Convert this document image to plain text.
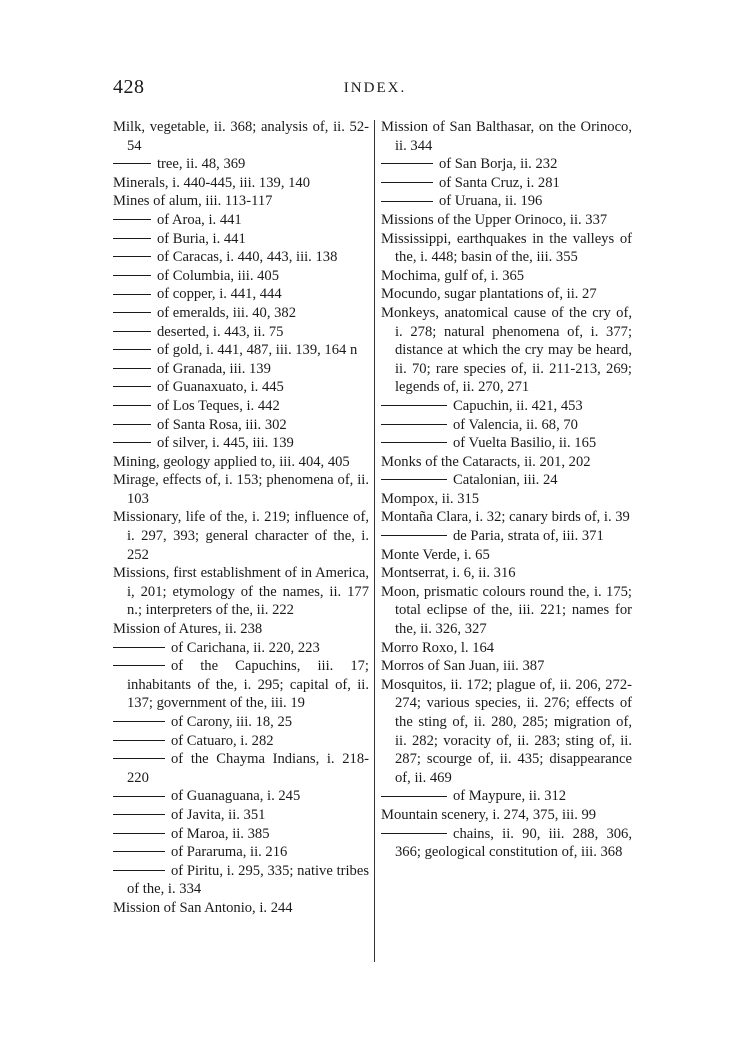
428	INDEX.
Milk, vegetable, ii. 368; analysis of, ii. 52-54
tree, ii. 48, 369
Minerals, i. 440-445, iii. 139, 140
Mines of alum, iii. 113-117
of Aroa, i. 441
of Buria, i. 441
of Caracas, i. 440, 443, iii. 138
of Columbia, iii. 405
of copper, i. 441, 444
of emeralds, iii. 40, 382
deserted, i. 443, ii. 75
of gold, i. 441, 487, iii. 139, 164 n
of Granada, iii. 139
of Guanaxuato, i. 445
of Los Teques, i. 442
of Santa Rosa, iii. 302
of silver, i. 445, iii. 139
Mining, geology applied to, iii. 404, 405
Mirage, effects of, i. 153; phenomena of, ii. 103
Missionary, life of the, i. 219; influence of, i. 297, 393; general character of the, i. 252
Missions, first establishment of in America, i, 201; etymology of the names, ii. 177 n.; interpreters of the, ii. 222
Mission of Atures, ii. 238
of Carichana, ii. 220, 223
of the Capuchins, iii. 17; inhabitants of the, i. 295; capital of, ii. 137; government of the, iii. 19
of Carony, iii. 18, 25
of Catuaro, i. 282
of the Chayma Indians, i. 218-220
of Guanaguana, i. 245
of Javita, ii. 351
of Maroa, ii. 385
of Pararuma, ii. 216
of Piritu, i. 295, 335; native tribes of the, i. 334
Mission of San Antonio, i. 244
Mission of San Balthasar, on the Orinoco, ii. 344
of San Borja, ii. 232
of Santa Cruz, i. 281
of Uruana, ii. 196
Missions of the Upper Orinoco, ii. 337
Mississippi, earthquakes in the valleys of the, i. 448; basin of the, iii. 355
Mochima, gulf of, i. 365
Mocundo, sugar plantations of, ii. 27
Monkeys, anatomical cause of the cry of, i. 278; natural phenomena of, i. 377; distance at which the cry may be heard, ii. 70; rare species of, ii. 211-213, 269; legends of, ii. 270, 271
Capuchin, ii. 421, 453
of Valencia, ii. 68, 70
of Vuelta Basilio, ii. 165
Monks of the Cataracts, ii. 201, 202
Catalonian, iii. 24
Mompox, ii. 315
Montaña Clara, i. 32; canary birds of, i. 39
de Paria, strata of, iii. 371
Monte Verde, i. 65
Montserrat, i. 6, ii. 316
Moon, prismatic colours round the, i. 175; total eclipse of the, iii. 221; names for the, ii. 326, 327
Morro Roxo, l. 164
Morros of San Juan, iii. 387
Mosquitos, ii. 172; plague of, ii. 206, 272-274; various species, ii. 276; effects of the sting of, ii. 280, 285; migration of, ii. 282; voracity of, ii. 283; sting of, ii. 287; scourge of, ii. 435; disappearance of, ii. 469
of Maypure, ii. 312
Mountain scenery, i. 274, 375, iii. 99
chains, ii. 90, iii. 288, 306, 366; geological constitution of, iii. 368
